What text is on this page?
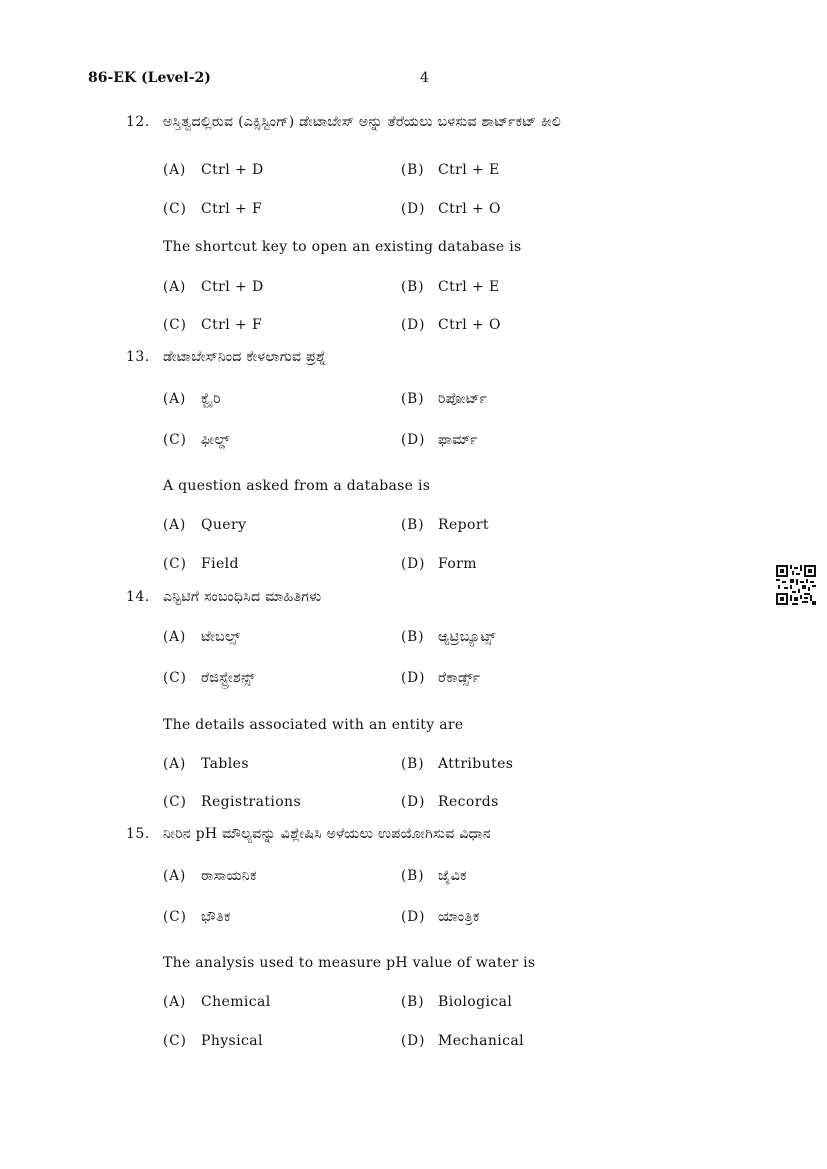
86-EK (Level-2)	4
12. ಅಸ್ತಿತ್ವದಲ್ಲಿರುವ (ಎಕ್ಸಿಸ್ಟಿಂಗ್) ಡೇಟಾಬೇಸ್ ಅನ್ನು ತೆರೆಯಲು ಬಳಸುವ ಶಾರ್ಟ್‌ಕಟ್ ಕೀಲಿ
(A) Ctrl + D	(B) Ctrl + E
(C) Ctrl + F	(D) Ctrl + O
The shortcut key to open an existing database is
(A) Ctrl + D	(B) Ctrl + E
(C) Ctrl + F	(D) Ctrl + O
13. ಡೇಟಾಬೇಸ್‌ನಿಂದ ಕೇಳಲಾಗುವ ಪ್ರಶ್ನೆ
(A) ಕ್ವೈರಿ	(B) ರಿಪೋರ್ಟ್
(C) ಫೀಲ್ಡ್	(D) ಫಾರ್ಮ್
A question asked from a database is
(A) Query	(B) Report
(C) Field	(D) Form
14. ಎನ್ಟಿಟಿಗೆ ಸಂಬಂಧಿಸಿದ ಮಾಹಿತಿಗಳು
(A) ಟೇಬಲ್ಸ್	(B) ಆ್ಯಟ್ರಿಬ್ಯೂಟ್ಸ್
(C) ರೆಜಿಸ್ಟ್ರೇಶನ್ಸ್	(D) ರೆಕಾರ್ಡ್ಸ್
The details associated with an entity are
(A) Tables	(B) Attributes
(C) Registrations	(D) Records
15. ನೀರಿನ pH ಮೌಲ್ಯವನ್ನು ವಿಶ್ಲೇಷಿಸಿ ಅಳೆಯಲು ಉಪಯೋಗಿಸುವ ವಿಧಾನ
(A) ರಾಸಾಯನಿಕ	(B) ಜೈವಿಕ
(C) ಭೌತಿಕ	(D) ಯಾಂತ್ರಿಕ
The analysis used to measure pH value of water is
(A) Chemical	(B) Biological
(C) Physical	(D) Mechanical
